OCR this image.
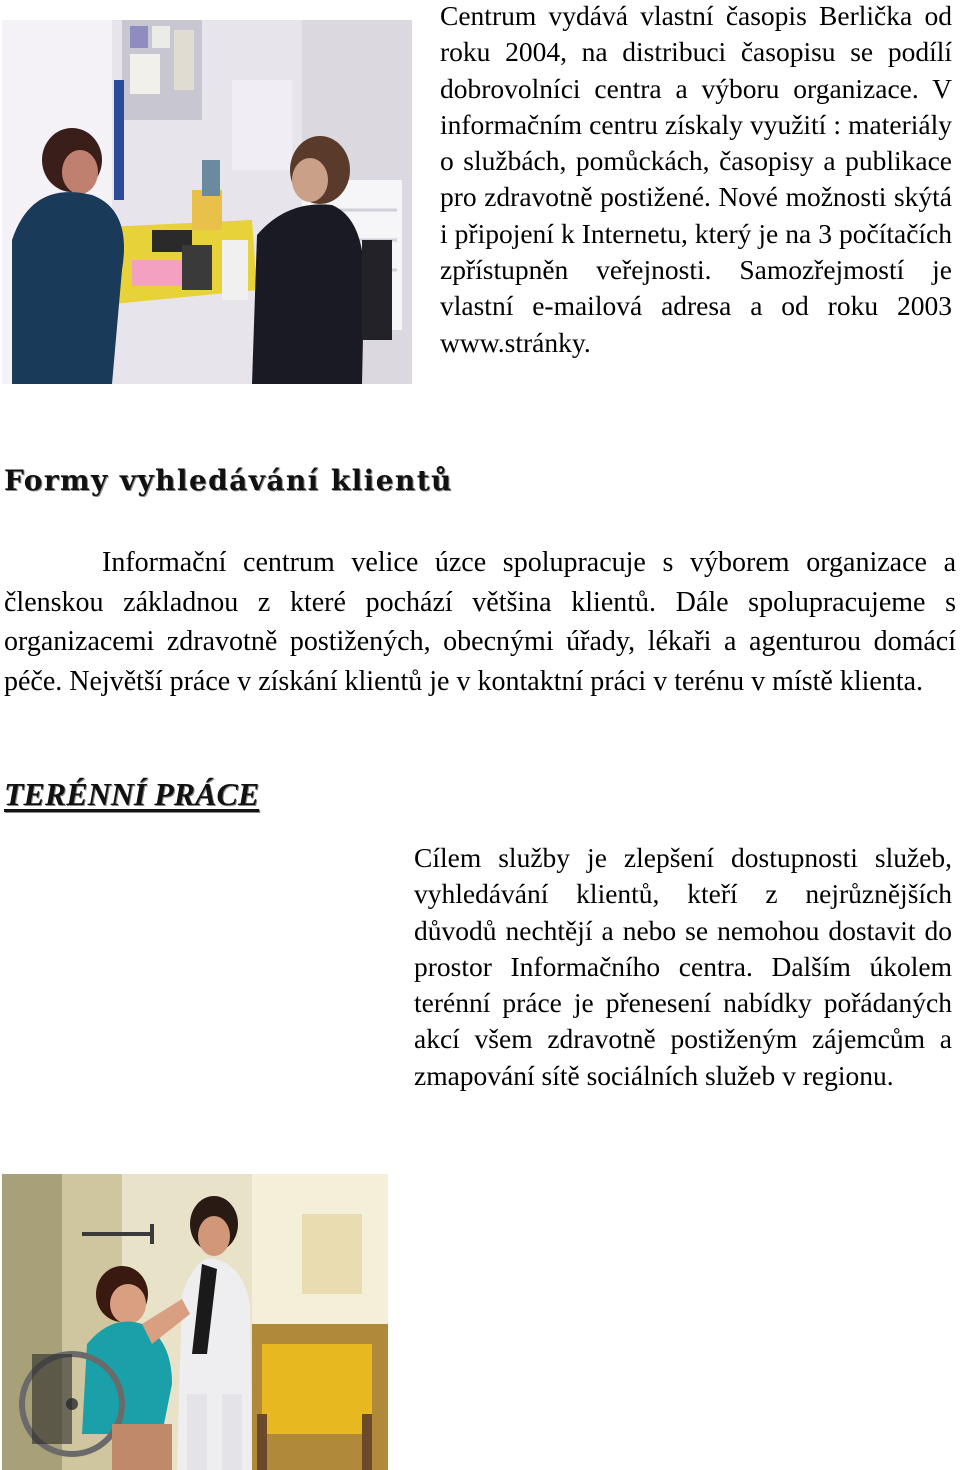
Centrum vydává vlastní časopis Berlička od roku 2004, na distribuci časopisu se podílí dobrovolníci centra a výboru organizace. V informačním centru získaly využití : materiály o službách, pomůckách, časopisy a publikace pro zdravotně postižené. Nové možnosti skýtá i připojení k Internetu, který je na 3 počítačích zpřístupněn veřejnosti. Samozřejmostí je vlastní e-mailová adresa a od roku 2003 www.stránky.

Formy vyhledávání klientů

Informační centrum velice úzce spolupracuje s výborem organizace a členskou základnou z které pochází většina klientů. Dále spolupracujeme s organizacemi zdravotně postižených, obecnými úřady, lékaři a agenturou domácí péče. Největší práce v získání klientů je v kontaktní práci v terénu v místě klienta.

TERÉNNÍ PRÁCE

Cílem služby je zlepšení dostupnosti služeb, vyhledávání klientů, kteří z nejrůznějších důvodů nechtějí a nebo se nemohou dostavit do prostor Informačního centra. Dalším úkolem terénní práce je přenesení nabídky pořádaných akcí všem zdravotně postiženým zájemcům a zmapování sítě sociálních služeb v regionu.
